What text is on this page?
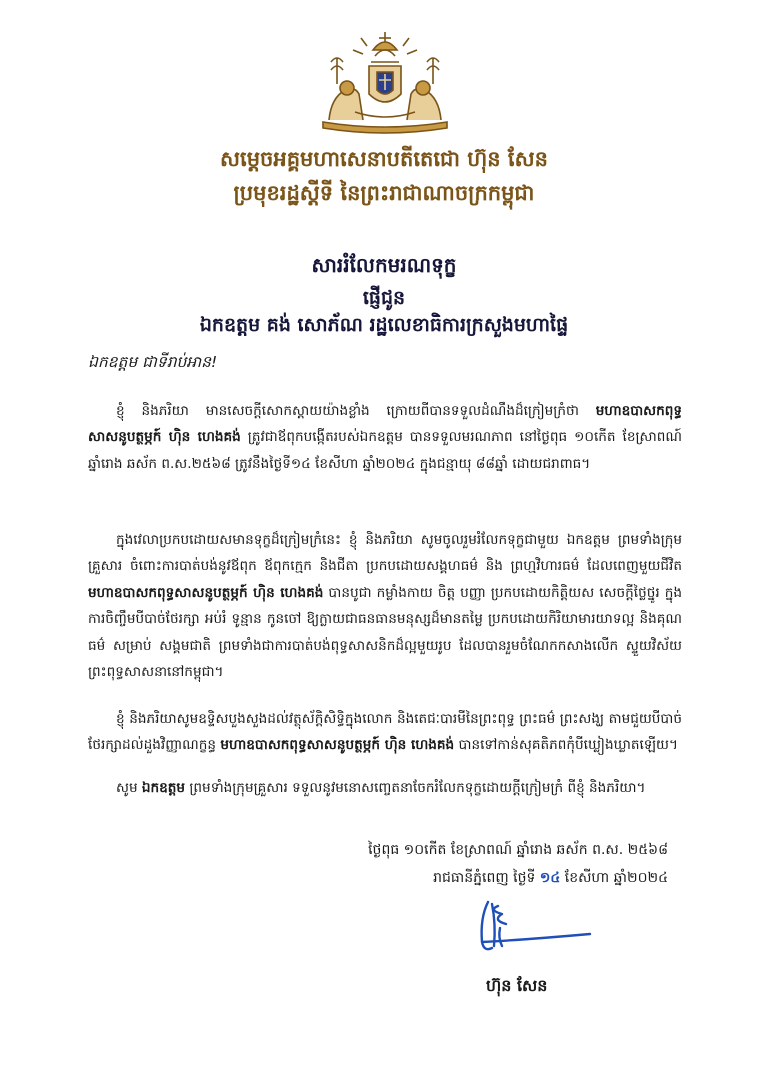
សម្តេចអគ្គមហាសេនាបតីតេជោ ហ៊ុន សែន
ប្រមុខរដ្ឋស្តីទី នៃព្រះរាជាណាចក្រកម្ពុជា
សាររំលែកមរណទុក្ខ
ផ្ញើជូន
ឯកឧត្តម គង់ សោភ័ណ រដ្ឋលេខាធិការក្រសួងមហាផ្ទៃ
ឯកឧត្តម ជាទីរាប់អាន!

ខ្ញុំ និងភរិយា មានសេចក្តីសោកស្តាយយ៉ាងខ្លាំង ក្រោយពីបានទទួលដំណឹងដ៏ក្រៀមក្រំថា មហាឧបាសកពុទ្ធសាសនូបត្ថម្ភក៍ ហ៊ិន ហេងគង់ ត្រូវជាឪពុកបង្កើតរបស់ឯកឧត្តម បានទទួលមរណភាព នៅថ្ងៃពុធ ១០កើត ខែស្រាពណ៍ ឆ្នាំរោង ឆស័ក ព.ស.២៥៦៨ ត្រូវនឹងថ្ងៃទី១៤ ខែសីហា ឆ្នាំ២០២៤ ក្នុងជន្មាយុ ៨៨ឆ្នាំ ដោយជរាពាធ។

ក្នុងវេលាប្រកបដោយសមានទុក្ខដ៏ក្រៀមក្រំនេះ ខ្ញុំ និងភរិយា សូមចូលរួមរំលែកទុក្ខជាមួយ ឯកឧត្តម ព្រមទាំងក្រុមគ្រួសារ ចំពោះការបាត់បង់នូវឪពុក ឪពុកក្មេក និងជីតា ប្រកបដោយសង្គហធម៌ និង ព្រហ្មវិហារធម៌ ដែលពេញមួយជីវិត មហាឧបាសកពុទ្ធសាសនូបត្ថម្ភក៍ ហ៊ិន ហេងគង់ បានបូជា កម្លាំងកាយ ចិត្ត បញ្ញា ប្រកបដោយកិត្តិយស សេចក្តីថ្លៃថ្នូរ ក្នុងការចិញ្ចឹមបីបាច់ថែរក្សា អប់រំ ទូន្មាន កូនចៅ ឱ្យក្លាយជាធនធានមនុស្សដ៏មានតម្លៃ ប្រកបដោយកិរិយាមារយាទល្អ និងគុណធម៌ សម្រាប់ សង្គមជាតិ ព្រមទាំងជាការបាត់បង់ពុទ្ធសាសនិកដ៏ល្អមួយរូប ដែលបានរួមចំណែកកសាងលើក ស្ទួយវិស័យព្រះពុទ្ធសាសនានៅកម្ពុជា។

ខ្ញុំ និងភរិយាសូមឧទ្ទិសបួងសួងដល់វត្ថុស័ក្តិសិទ្ធិក្នុងលោក និងតេជៈបារមីនៃព្រះពុទ្ធ ព្រះធម៌ ព្រះសង្ឃ តាមជួយបីបាច់ថែរក្សាដល់ដួងវិញ្ញាណក្ខន្ធ មហាឧបាសកពុទ្ធសាសនូបត្ថម្ភក៍ ហ៊ិន ហេងគង់ បានទៅកាន់សុគតិភពកុំបីឃ្លៀងឃ្លាតឡើយ។

សូម ឯកឧត្តម ព្រមទាំងក្រុមគ្រួសារ ទទួលនូវមនោសញ្ចេតនាចែករំលែកទុក្ខដោយក្តីក្រៀមក្រំ ពីខ្ញុំ និងភរិយា។

ថ្ងៃពុធ ១០កើត ខែស្រាពណ៍ ឆ្នាំរោង ឆស័ក ព.ស. ២៥៦៨
រាជធានីភ្នំពេញ ថ្ងៃទី ១៤ ខែសីហា ឆ្នាំ២០២៤
ហ៊ុន សែន
